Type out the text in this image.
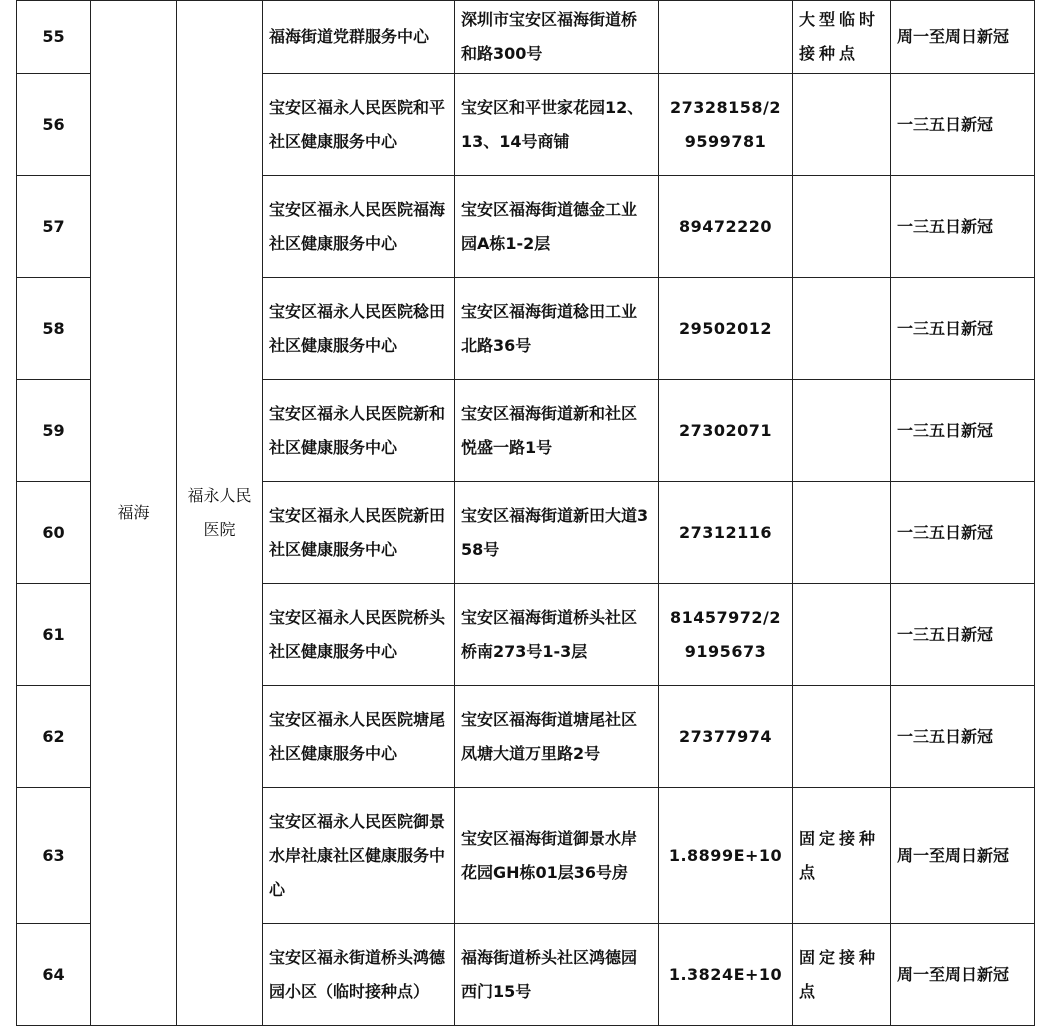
55	福海	福永人民医院	福海街道党群服务中心	深圳市宝安区福海街道桥和路300号		大型临时接种点	周一至周日新冠
56			宝安区福永人民医院和平社区健康服务中心	宝安区和平世家花园12、13、14号商铺	27328158/29599781		一三五日新冠
57			宝安区福永人民医院福海社区健康服务中心	宝安区福海街道德金工业园A栋1-2层	89472220		一三五日新冠
58			宝安区福永人民医院稔田社区健康服务中心	宝安区福海街道稔田工业北路36号	29502012		一三五日新冠
59			宝安区福永人民医院新和社区健康服务中心	宝安区福海街道新和社区悦盛一路1号	27302071		一三五日新冠
60			宝安区福永人民医院新田社区健康服务中心	宝安区福海街道新田大道358号	27312116		一三五日新冠
61			宝安区福永人民医院桥头社区健康服务中心	宝安区福海街道桥头社区桥南273号1-3层	81457972/29195673		一三五日新冠
62			宝安区福永人民医院塘尾社区健康服务中心	宝安区福海街道塘尾社区凤塘大道万里路2号	27377974		一三五日新冠
63			宝安区福永人民医院御景水岸社康社区健康服务中心	宝安区福海街道御景水岸花园GH栋01层36号房	1.8899E+10	固定接种点	周一至周日新冠
64			宝安区福永街道桥头鸿德园小区（临时接种点）	福海街道桥头社区鸿德园西门15号	1.3824E+10	固定接种点	周一至周日新冠
